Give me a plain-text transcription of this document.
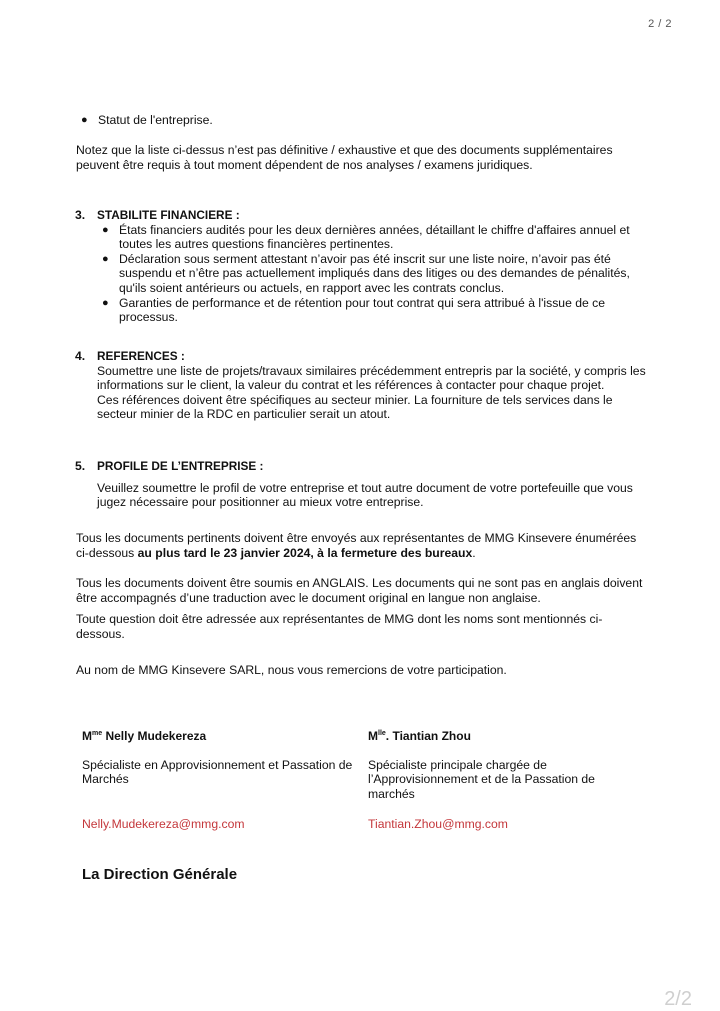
2 / 2
● Statut de l'entreprise.
Notez que la liste ci-dessus n’est pas définitive / exhaustive et que des documents supplémentaires peuvent être requis à tout moment dépendent de nos analyses / examens juridiques.
3. STABILITE FINANCIERE :
● États financiers audités pour les deux dernières années, détaillant le chiffre d'affaires annuel et toutes les autres questions financières pertinentes.
● Déclaration sous serment attestant n’avoir pas été inscrit sur une liste noire, n’avoir pas été suspendu et n’être pas actuellement impliqués dans des litiges ou des demandes de pénalités, qu'ils soient antérieurs ou actuels, en rapport avec les contrats conclus.
● Garanties de performance et de rétention pour tout contrat qui sera attribué à l'issue de ce processus.
4. REFERENCES :

Soumettre une liste de projets/travaux similaires précédemment entrepris par la société, y compris les informations sur le client, la valeur du contrat et les références à contacter pour chaque projet.

Ces références doivent être spécifiques au secteur minier. La fourniture de tels services dans le secteur minier de la RDC en particulier serait un atout.

5. PROFILE DE L’ENTREPRISE :

Veuillez soumettre le profil de votre entreprise et tout autre document de votre portefeuille que vous jugez nécessaire pour positionner au mieux votre entreprise.

Tous les documents pertinents doivent être envoyés aux représentantes de MMG Kinsevere énumérées ci-dessous au plus tard le 23 janvier 2024, à la fermeture des bureaux.
Tous les documents doivent être soumis en ANGLAIS. Les documents qui ne sont pas en anglais doivent être accompagnés d’une traduction avec le document original en langue non anglaise.
Toute question doit être adressée aux représentantes de MMG dont les noms sont mentionnés ci-dessous.
Au nom de MMG Kinsevere SARL, nous vous remercions de votre participation.
$M^{me}$ Nelly Mudekereza

Spécialiste en Approvisionnement et Passation de Marchés

Nelly.Mudekereza@mmg.com
$M^{lle}$. Tiantian Zhou

Spécialiste principale chargée de l’Approvisionnement et de la Passation de marchés

Tiantian.Zhou@mmg.com
La Direction Générale
2/2
